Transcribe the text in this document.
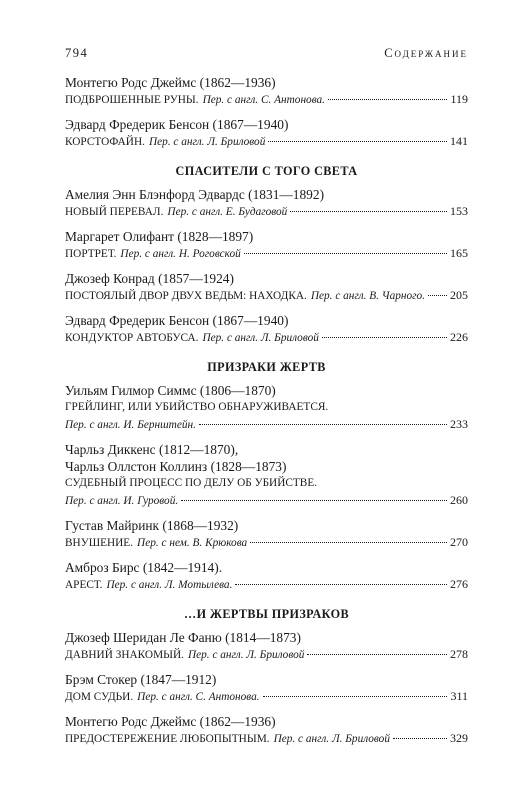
794	Содержание
Монтегю Родс Джеймс (1862—1936)
ПОДБРОШЕННЫЕ РУНЫ. Пер. с англ. С. Антонова.	119
Эдвард Фредерик Бенсон (1867—1940)
КОРСТОФАЙН. Пер. с англ. Л. Бриловой	141
СПАСИТЕЛИ С ТОГО СВЕТА
Амелия Энн Блэнфорд Эдвардс (1831—1892)
НОВЫЙ ПЕРЕВАЛ. Пер. с англ. Е. Будаговой	153
Маргарет Олифант (1828—1897)
ПОРТРЕТ. Пер. с англ. Н. Роговской	165
Джозеф Конрад (1857—1924)
ПОСТОЯЛЫЙ ДВОР ДВУХ ВЕДЬМ: НАХОДКА. Пер. с англ. В. Чарного. 205
Эдвард Фредерик Бенсон (1867—1940)
КОНДУКТОР АВТОБУСА. Пер. с англ. Л. Бриловой	226
ПРИЗРАКИ ЖЕРТВ
Уильям Гилмор Симмс (1806—1870)
ГРЕЙЛИНГ, ИЛИ УБИЙСТВО ОБНАРУЖИВАЕТСЯ.
Пер. с англ. И. Бернштейн.	233
Чарльз Диккенс (1812—1870),
Чарльз Оллстон Коллинз (1828—1873)
СУДЕБНЫЙ ПРОЦЕСС ПО ДЕЛУ ОБ УБИЙСТВЕ.
Пер. с англ. И. Гуровой.	260
Густав Майринк (1868—1932)
ВНУШЕНИЕ. Пер. с нем. В. Крюкова	270
Амброз Бирс (1842—1914).
АРЕСТ. Пер. с англ. Л. Мотылева.	276
…И ЖЕРТВЫ ПРИЗРАКОВ
Джозеф Шеридан Ле Фаню (1814—1873)
ДАВНИЙ ЗНАКОМЫЙ. Пер. с англ. Л. Бриловой	278
Брэм Стокер (1847—1912)
ДОМ СУДЬИ. Пер. с англ. С. Антонова.	311
Монтегю Родс Джеймс (1862—1936)
ПРЕДОСТЕРЕЖЕНИЕ ЛЮБОПЫТНЫМ. Пер. с англ. Л. Бриловой	329
